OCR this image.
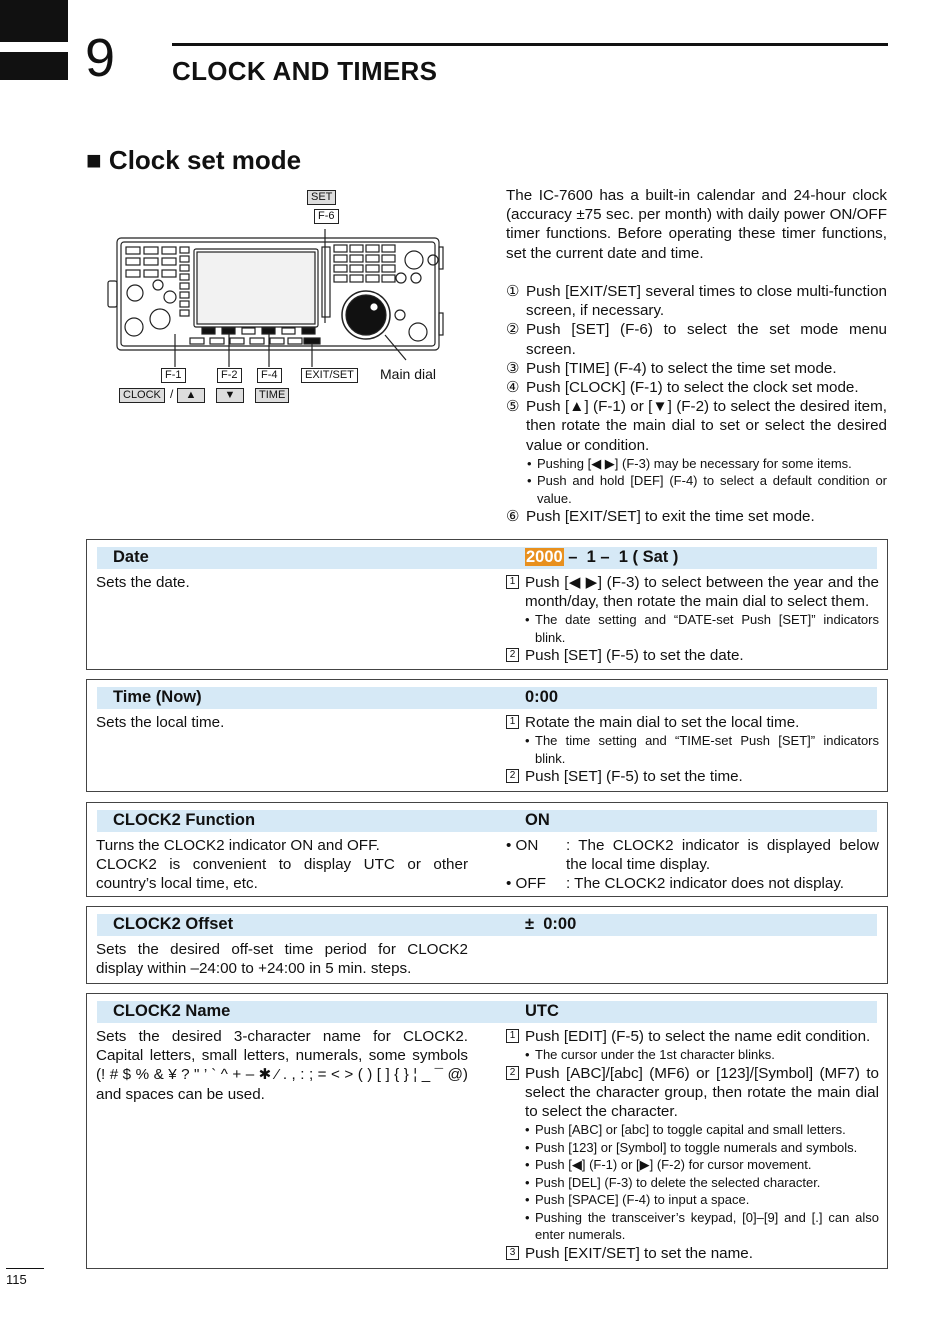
9 CLOCK AND TIMERS
■ Clock set mode
SET
F-6
F-1	F-2	F-4	EXIT/SET Main dial
CLOCK /	▲	▼	TIME

The IC-7600 has a built-in calendar and 24-hour clock (accuracy ±75 sec. per month) with daily power ON/OFF timer functions. Before operating these timer functions, set the current date and time.

① Push [EXIT/SET] several times to close multi-function screen, if necessary.
② Push [SET] (F-6) to select the set mode menu screen.
③ Push [TIME] (F-4) to select the time set mode.
④ Push [CLOCK] (F-1) to select the clock set mode.
⑤ Push [▲] (F-1) or [▼] (F-2) to select the desired item, then rotate the main dial to set or select the desired value or condition.
• Pushing [◀ ▶] (F-3) may be necessary for some items.
• Push and hold [DEF] (F-4) to select a default condition or value.
⑥ Push [EXIT/SET] to exit the time set mode.
Date	2000 –  1 –  1 ( Sat )
Sets the date.	1 Push [◀ ▶] (F-3) to select between the year and the month/day, then rotate the main dial to select them.
• The date setting and “DATE-set Push [SET]” indicators blink.
2 Push [SET] (F-5) to set the date.
Time (Now)	0:00
Sets the local time.	1 Rotate the main dial to set the local time.
• The time setting and “TIME-set Push [SET]” indicators blink.
2 Push [SET] (F-5) to set the time.
CLOCK2 Function	ON
Turns the CLOCK2 indicator ON and OFF.
CLOCK2 is convenient to display UTC or other country’s local time, etc.
• ON : The CLOCK2 indicator is displayed below the local time display.
• OFF : The CLOCK2 indicator does not display.
CLOCK2 Offset	±  0:00
Sets the desired off-set time period for CLOCK2 display within –24:00 to +24:00 in 5 min. steps.
CLOCK2 Name	UTC
Sets the desired 3-character name for CLOCK2. Capital letters, small letters, numerals, some symbols (! # $ % & ¥ ? " ’ ` ^ + – ✱ ⁄ . , : ; = < > ( ) [ ] { } ¦ _ ¯ @) and spaces can be used.
1 Push [EDIT] (F-5) to select the name edit condition.
• The cursor under the 1st character blinks.
2 Push [ABC]/[abc] (MF6) or [123]/[Symbol] (MF7) to select the character group, then rotate the main dial to select the character.
• Push [ABC] or [abc] to toggle capital and small letters.
• Push [123] or [Symbol] to toggle numerals and symbols.
• Push [◀] (F-1) or [▶] (F-2) for cursor movement.
• Push [DEL] (F-3) to delete the selected character.
• Push [SPACE] (F-4) to input a space.
• Pushing the transceiver’s keypad, [0]–[9] and [.] can also enter numerals.
3 Push [EXIT/SET] to set the name.
115
